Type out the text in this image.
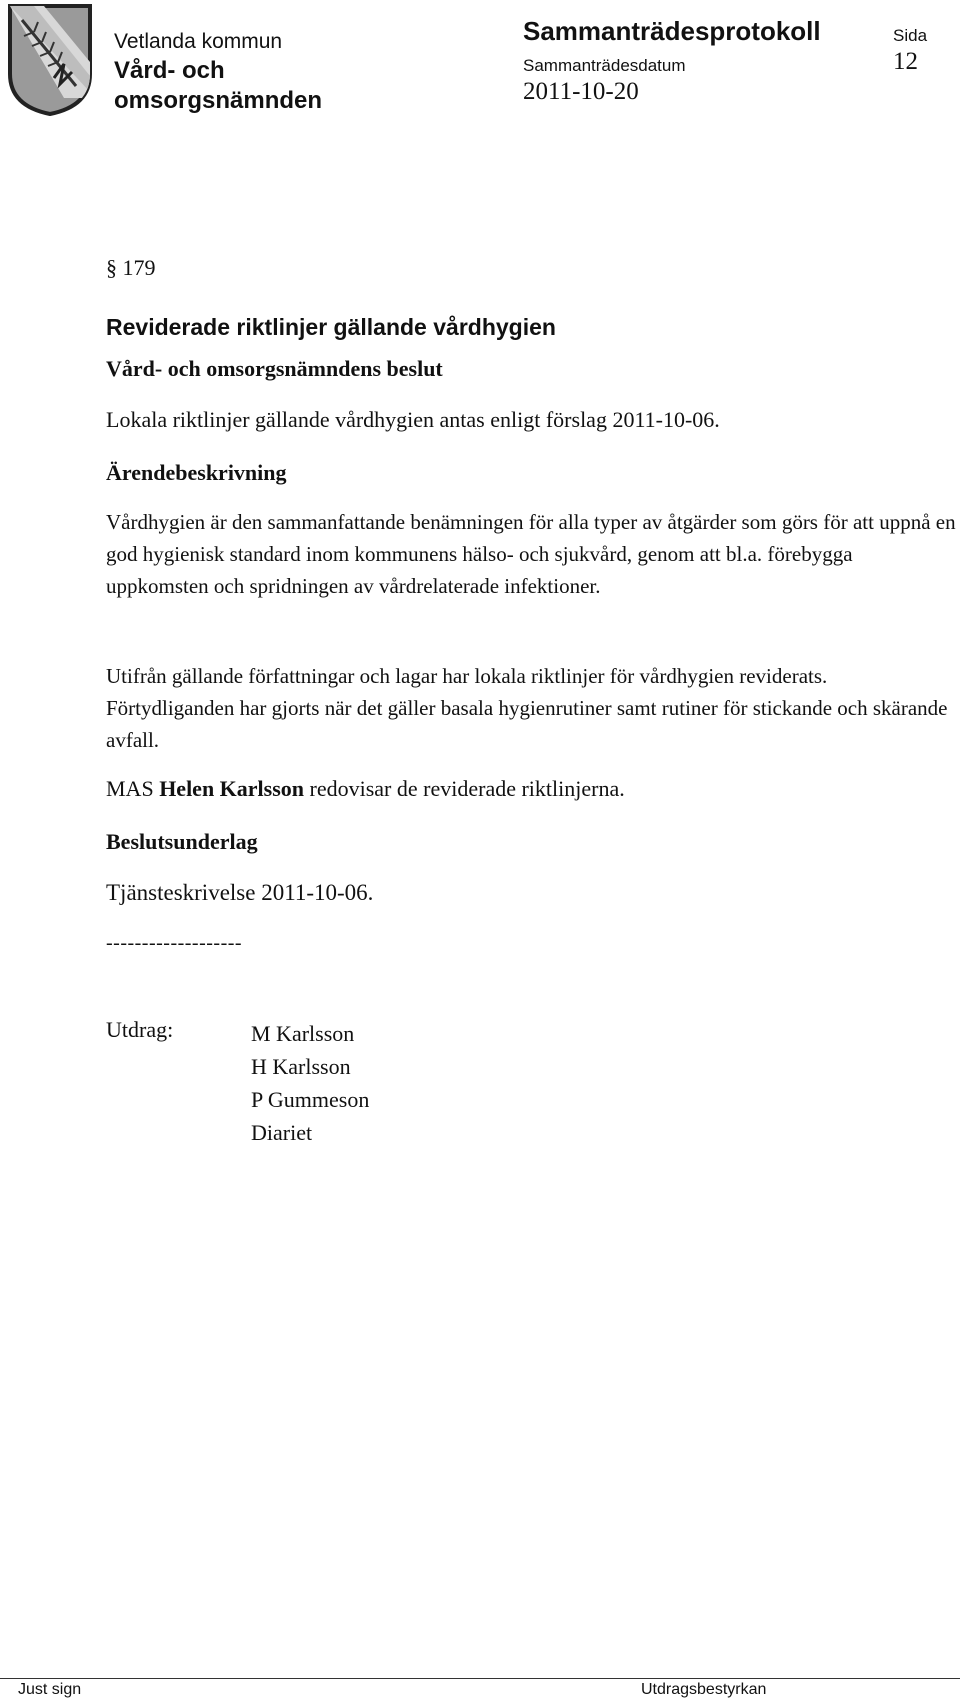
Vetlanda kommun
Vård- och omsorgsnämnden
Sammanträdesprotokoll
Sammanträdesdatum
2011-10-20
Sida
12
§ 179
Reviderade riktlinjer gällande vårdhygien
Vård- och omsorgsnämndens beslut
Lokala riktlinjer gällande vårdhygien antas enligt förslag 2011-10-06.
Ärendebeskrivning
Vårdhygien är den sammanfattande benämningen för alla typer av åtgärder som görs för att uppnå en god hygienisk standard inom kommunens hälso- och sjukvård, genom att bl.a. förebygga uppkomsten och spridningen av vårdrelaterade infektioner.
Utifrån gällande författningar och lagar har lokala riktlinjer för vårdhygien reviderats. Förtydliganden har gjorts när det gäller basala hygienrutiner samt rutiner för stickande och skärande avfall.
MAS Helen Karlsson redovisar de reviderade riktlinjerna.
Beslutsunderlag
Tjänsteskrivelse 2011-10-06.
-------------------
Utdrag:	M Karlsson
H Karlsson
P Gummeson
Diariet
Just sign	Utdragsbestyrkan
